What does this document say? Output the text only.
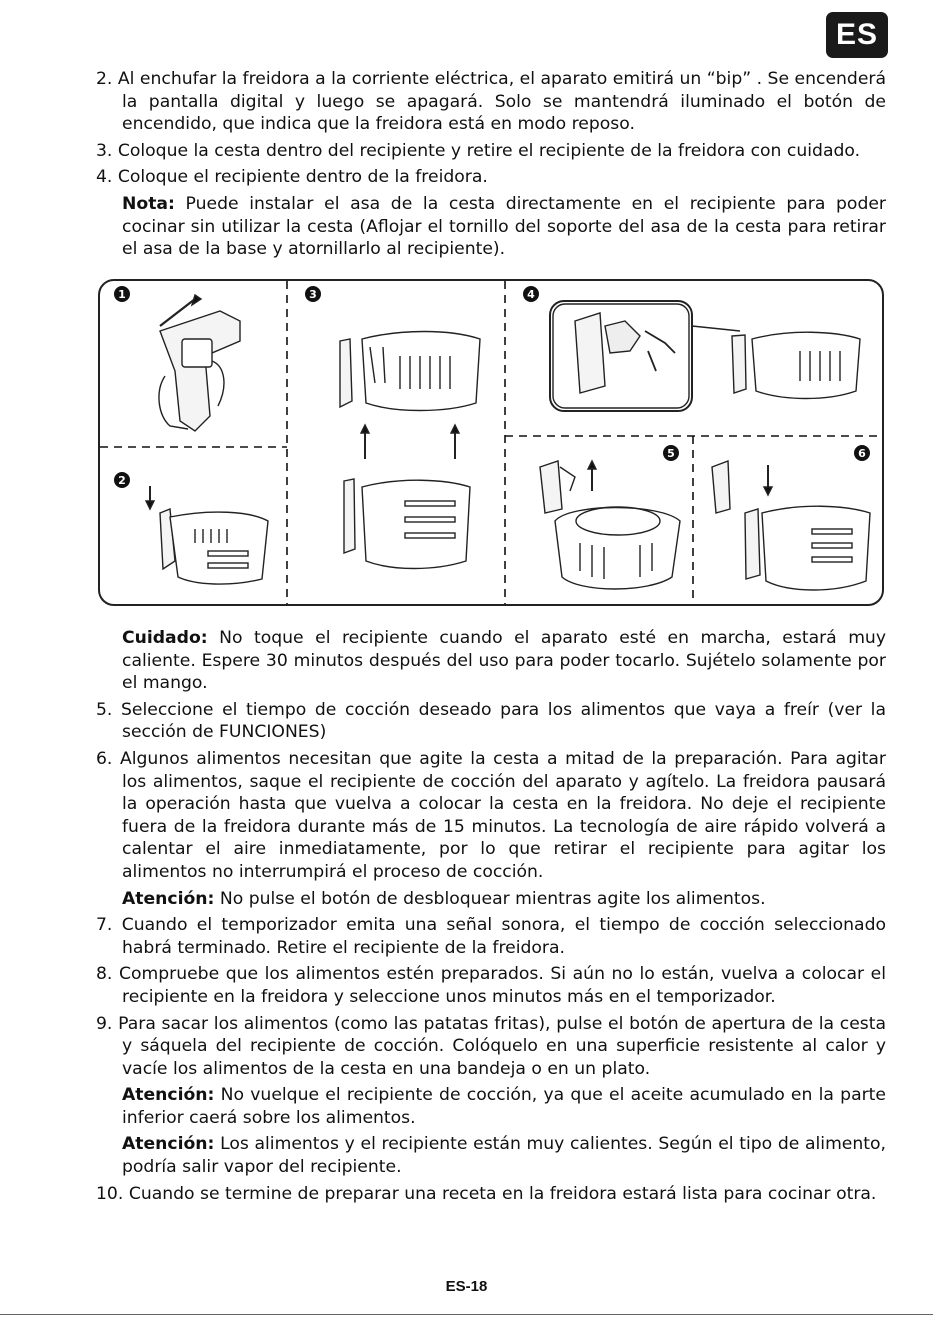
ES

2. Al enchufar la freidora a la corriente eléctrica, el aparato emitirá un “bip” . Se encenderá la pantalla digital y luego se apagará. Solo se mantendrá iluminado el botón de encendido, que indica que la freidora está en modo reposo.

3. Coloque la cesta dentro del recipiente y retire el recipiente de la freidora con cuidado.

4. Coloque el recipiente dentro de la freidora.

Nota: Puede instalar el asa de la cesta directamente en el recipiente para poder cocinar sin utilizar la cesta (Aflojar el tornillo del soporte del asa de la cesta para retirar el asa de la base y atornillarlo al recipiente).

1
2
3	4
5	6

Cuidado: No toque el recipiente cuando el aparato esté en marcha, estará muy caliente. Espere 30 minutos después del uso para poder tocarlo. Sujételo solamente por el mango.

5. Seleccione el tiempo de cocción deseado para los alimentos que vaya a freír (ver la sección de FUNCIONES)

6. Algunos alimentos necesitan que agite la cesta a mitad de la preparación. Para agitar los alimentos, saque el recipiente de cocción del aparato y agítelo. La freidora pausará la operación hasta que vuelva a colocar la cesta en la freidora. No deje el recipiente fuera de la freidora durante más de 15 minutos. La tecnología de aire rápido volverá a calentar el aire inmediatamente, por lo que retirar el recipiente para agitar los alimentos no interrumpirá el proceso de cocción.

Atención: No pulse el botón de desbloquear mientras agite los alimentos.

7. Cuando el temporizador emita una señal sonora, el tiempo de cocción seleccionado habrá terminado. Retire el recipiente de la freidora.

8. Compruebe que los alimentos estén preparados. Si aún no lo están, vuelva a colocar el recipiente en la freidora y seleccione unos minutos más en el temporizador.

9. Para sacar los alimentos (como las patatas fritas), pulse el botón de apertura de la cesta y sáquela del recipiente de cocción. Colóquelo en una superficie resistente al calor y vacíe los alimentos de la cesta en una bandeja o en un plato.

Atención: No vuelque el recipiente de cocción, ya que el aceite acumulado en la parte inferior caerá sobre los alimentos.

Atención: Los alimentos y el recipiente están muy calientes. Según el tipo de alimento, podría salir vapor del recipiente.

10. Cuando se termine de preparar una receta en la freidora estará lista para cocinar otra.

ES-18
